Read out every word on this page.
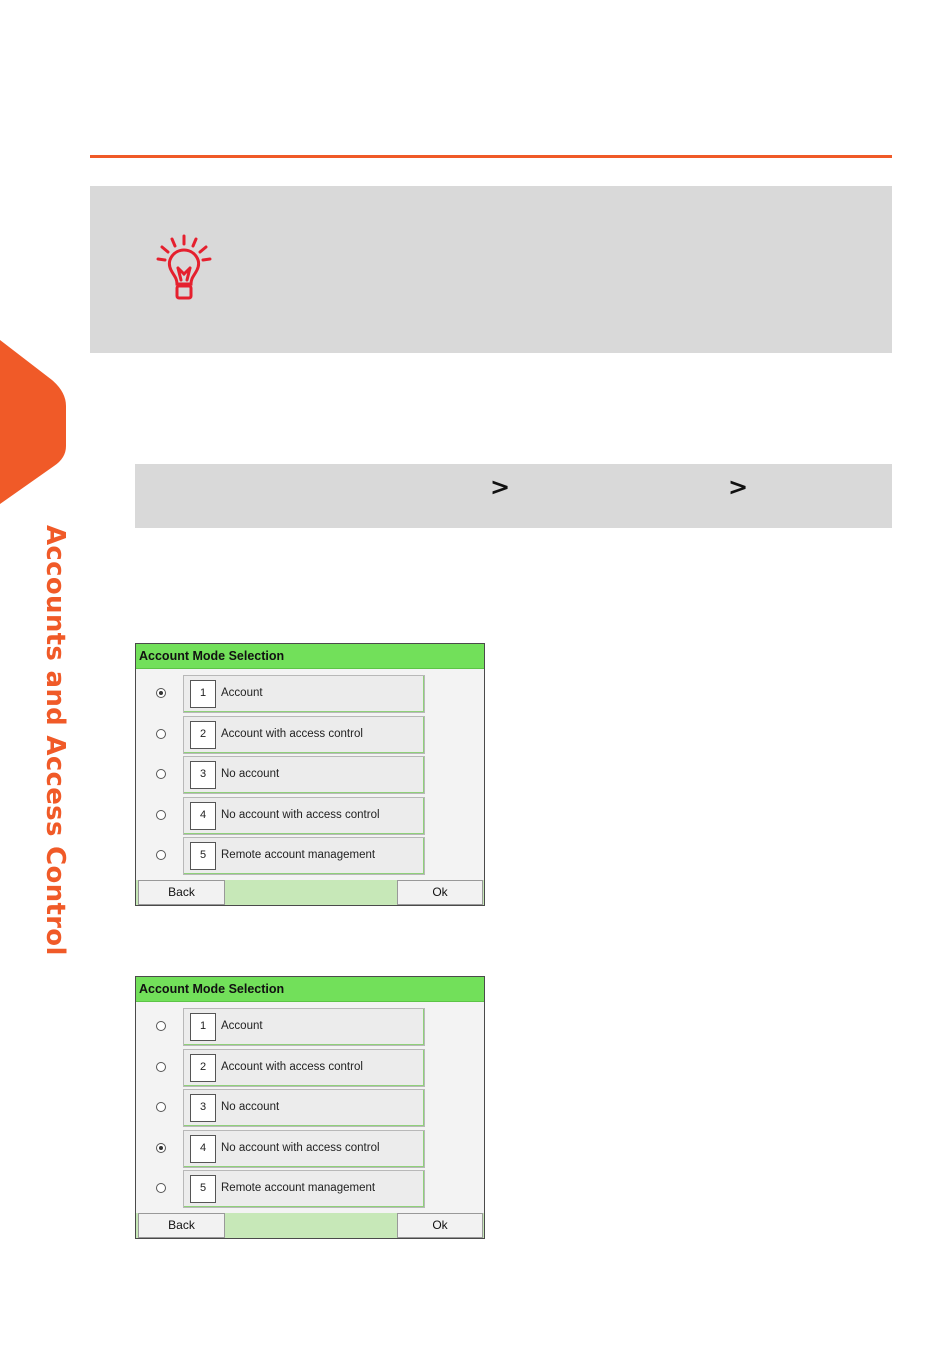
Accounts and Access Control
>	>
Account Mode Selection
1	Account
2	Account with access control
3	No account
4	No account with access control
5	Remote account management
Back	Ok
Account Mode Selection
1	Account
2	Account with access control
3	No account
4	No account with access control
5	Remote account management
Back	Ok
